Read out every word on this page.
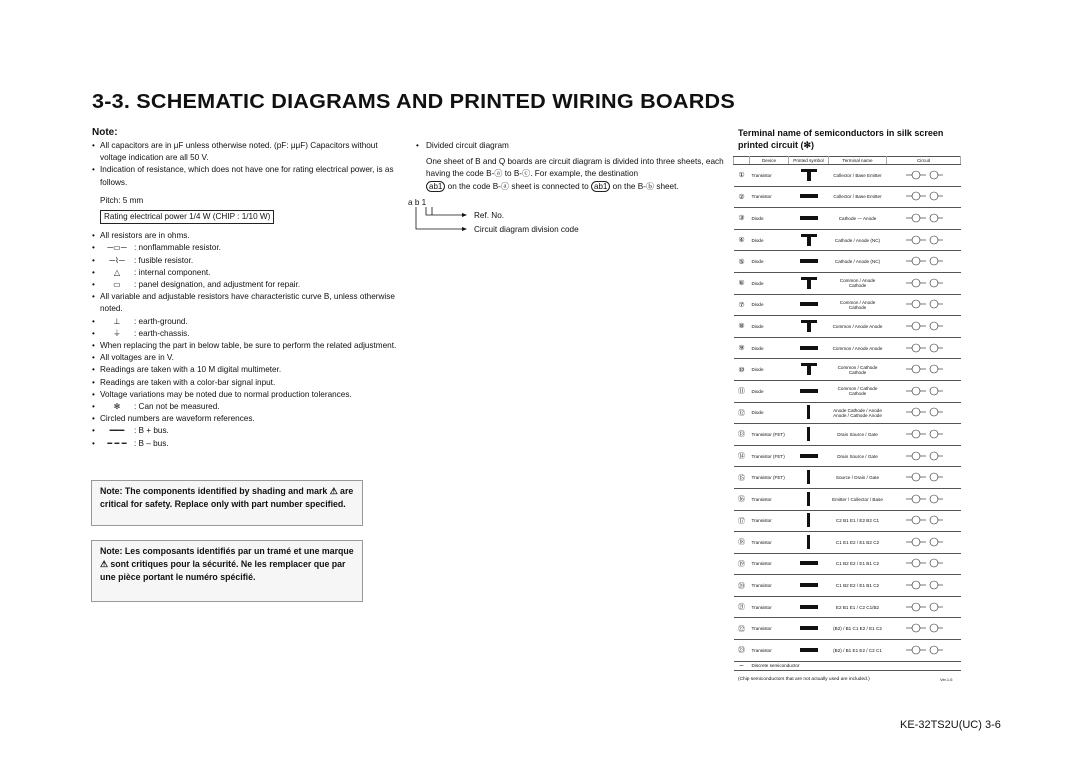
3-3. SCHEMATIC DIAGRAMS AND PRINTED WIRING BOARDS
Note:

• All capacitors are in μF unless otherwise noted. (pF: μμF) Capacitors without voltage indication are all 50 V.

• Indication of resistance, which does not have one for rating electrical power, is as follows.

Pitch: 5 mm
Rating electrical power 1/4 W (CHIP : 1/10 W)

• All resistors are in ohms.

• ─▭─ : nonflammable resistor.

• ─⌇─ : fusible resistor.

• △ : internal component.

• ▭ : panel designation, and adjustment for repair.

• All variable and adjustable resistors have characteristic curve B, unless otherwise noted.

• ⊥ : earth-ground.

• ⏚ : earth-chassis.

• When replacing the part in below table, be sure to perform the related adjustment.

• All voltages are in V.

• Readings are taken with a 10 M digital multimeter.

• Readings are taken with a color-bar signal input.

• Voltage variations may be noted due to normal production tolerances.

• ✻ : Can not be measured.

• Circled numbers are waveform references.

• ━━━ : B + bus.

• ━ ━ ━ : B – bus.

Note: The components identified by shading and mark ⚠ are critical for safety. Replace only with part number specified.
Note: Les composants identifiés par un tramé et une marque ⚠ sont critiques pour la sécurité. Ne les remplacer que par une pièce portant le numéro spécifié.
• Divided circuit diagram
One sheet of B and Q boards are circuit diagram is divided into three sheets, each having the code B-ⓐ to B-ⓒ. For example, the destination
ab1 on the code B-ⓐ sheet is connected to ab1 on the B-ⓑ sheet.
a b 1
Ref. No.
Circuit diagram division code
Terminal name of semiconductors in silk screen printed circuit (✻)
	Device	Printed symbol	Terminal name	Circuit
①	Transistor		Collector / Base Emitter	
②	Transistor		Collector / Base Emitter	
③	Diode		Cathode — Anode	
④	Diode		Cathode / Anode (NC)	
⑤	Diode		Cathode / Anode (NC)	
⑥	Diode		Common / Anode Cathode	
⑦	Diode		Common / Anode Cathode	
⑧	Diode		Common / Anode Anode	
⑨	Diode		Common / Anode Anode	
⑩	Diode		Common / Cathode Cathode	
⑪	Diode		Common / Cathode Cathode	
⑫	Diode		Anode Cathode / Anode Anode / Cathode Anode	
⑬	Transistor (FET)		Drain Source / Gate	
⑭	Transistor (FET)		Drain Source / Gate	
⑮	Transistor (FET)		Source / Drain / Gate	
⑯	Transistor		Emitter / Collector / Base	
⑰	Transistor		C2 B1 E1 / E2 B2 C1	
⑱	Transistor		C1 E1 E2 / E1 B2 C2	
⑲	Transistor		C1 B2 E2 / E1 B1 C2	
⑳	Transistor		C1 B2 E2 / E1 B1 C2	
㉑	Transistor		E2 B1 E1 / C2 C1/B2	
㉒	Transistor		(B2) / B1 C1 E2 / E1 C2	
㉓	Transistor		(B2) / B1 E1 E2 / C2 C1	
–	Discrete semiconductor			
(Chip semiconductors that are not actually used are included.)	Ver.1.6
KE-32TS2U(UC) 3-6
